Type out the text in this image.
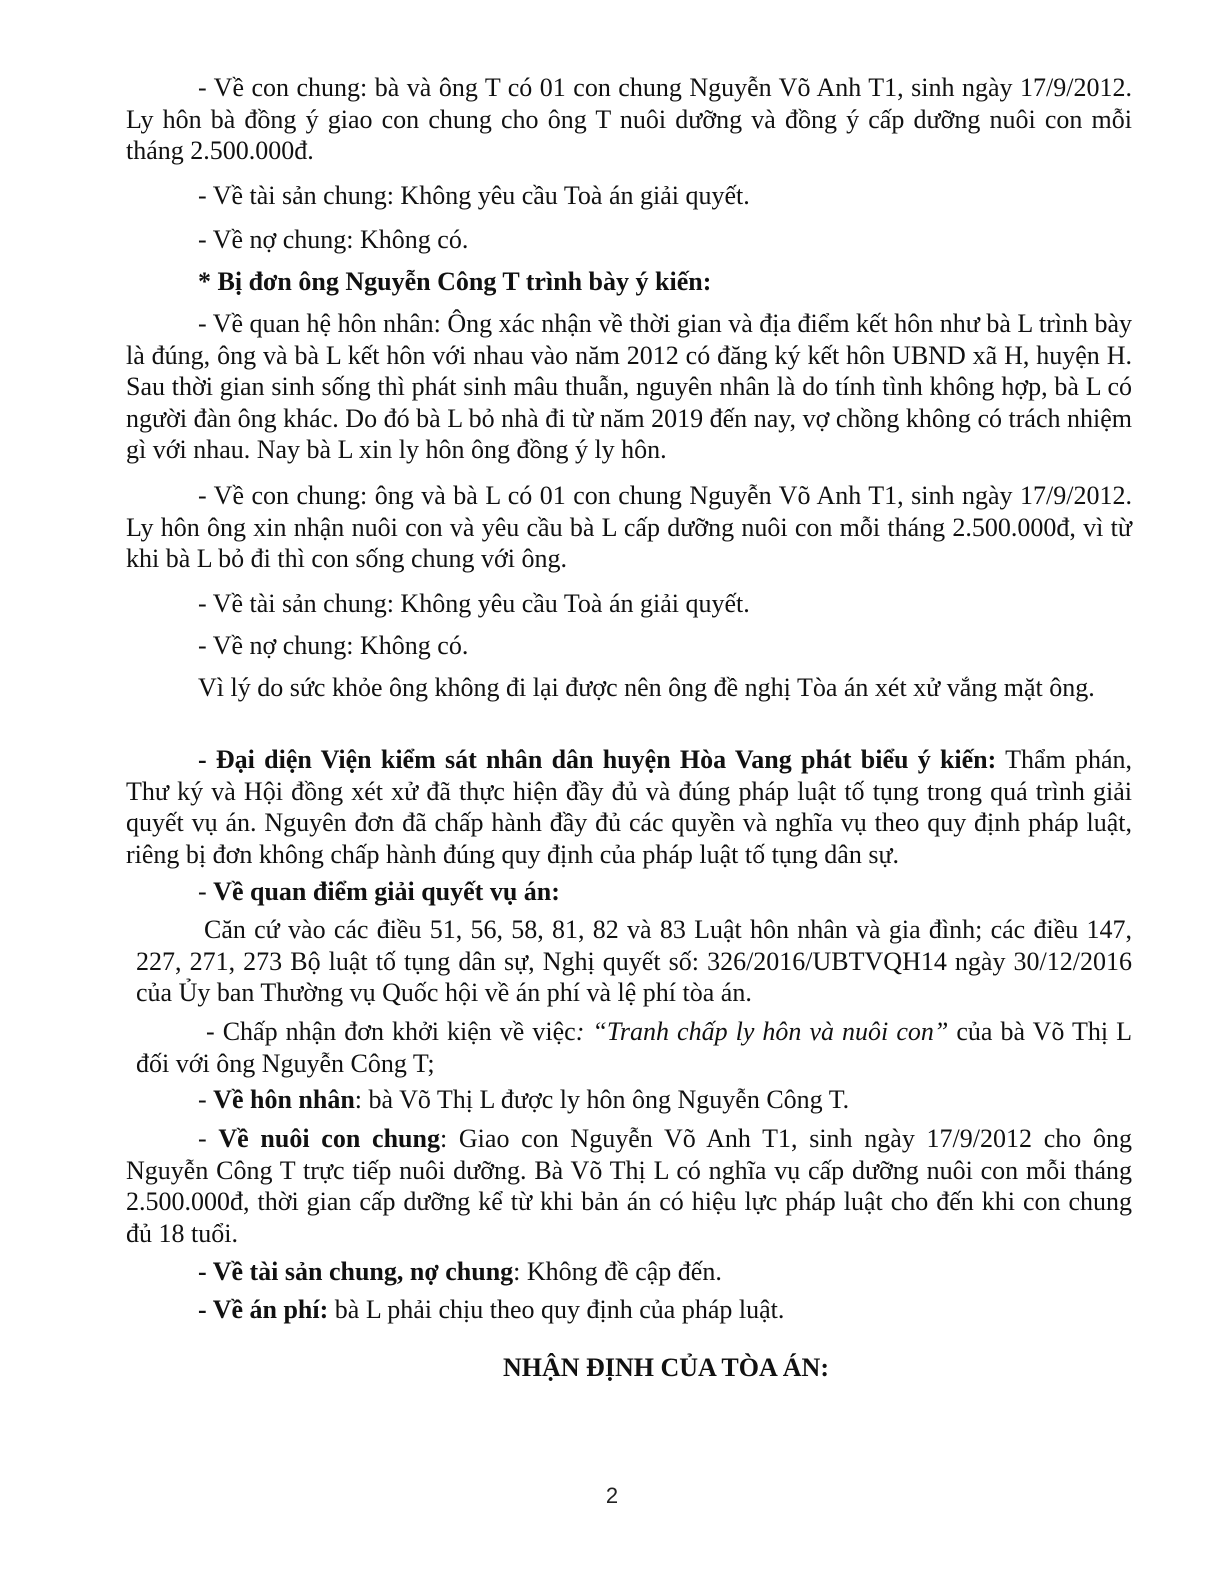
- Về con chung: bà và ông T có 01 con chung Nguyễn Võ Anh T1, sinh ngày 17/9/2012. Ly hôn bà đồng ý giao con chung cho ông T nuôi dưỡng và đồng ý cấp dưỡng nuôi con mỗi tháng 2.500.000đ.

- Về tài sản chung: Không yêu cầu Toà án giải quyết.

- Về nợ chung: Không có.

* Bị đơn ông Nguyễn Công T trình bày ý kiến:

- Về quan hệ hôn nhân: Ông xác nhận về thời gian và địa điểm kết hôn như bà L trình bày là đúng, ông và bà L kết hôn với nhau vào năm 2012 có đăng ký kết hôn UBND xã H, huyện H. Sau thời gian sinh sống thì phát sinh mâu thuẫn, nguyên nhân là do tính tình không hợp, bà L có người đàn ông khác. Do đó bà L bỏ nhà đi từ năm 2019 đến nay, vợ chồng không có trách nhiệm gì với nhau. Nay bà L xin ly hôn ông đồng ý ly hôn.

- Về con chung: ông và bà L có 01 con chung Nguyễn Võ Anh T1, sinh ngày 17/9/2012. Ly hôn ông xin nhận nuôi con và yêu cầu bà L cấp dưỡng nuôi con mỗi tháng 2.500.000đ, vì từ khi bà L bỏ đi thì con sống chung với ông.

- Về tài sản chung: Không yêu cầu Toà án giải quyết.

- Về nợ chung: Không có.

Vì lý do sức khỏe ông không đi lại được nên ông đề nghị Tòa án xét xử vắng mặt ông.

- Đại diện Viện kiểm sát nhân dân huyện Hòa Vang phát biểu ý kiến: Thẩm phán, Thư ký và Hội đồng xét xử đã thực hiện đầy đủ và đúng pháp luật tố tụng trong quá trình giải quyết vụ án. Nguyên đơn đã chấp hành đầy đủ các quyền và nghĩa vụ theo quy định pháp luật, riêng bị đơn không chấp hành đúng quy định của pháp luật tố tụng dân sự.

- Về quan điểm giải quyết vụ án:

Căn cứ vào các điều 51, 56, 58, 81, 82 và 83 Luật hôn nhân và gia đình; các điều 147, 227, 271, 273 Bộ luật tố tụng dân sự, Nghị quyết số: 326/2016/UBTVQH14 ngày 30/12/2016 của Ủy ban Thường vụ Quốc hội về án phí và lệ phí tòa án.

- Chấp nhận đơn khởi kiện về việc: “Tranh chấp ly hôn và nuôi con” của bà Võ Thị L đối với ông Nguyễn Công T;

- Về hôn nhân: bà Võ Thị L được ly hôn ông Nguyễn Công T.

- Về nuôi con chung: Giao con Nguyễn Võ Anh T1, sinh ngày 17/9/2012 cho ông Nguyễn Công T trực tiếp nuôi dưỡng. Bà Võ Thị L có nghĩa vụ cấp dưỡng nuôi con mỗi tháng 2.500.000đ, thời gian cấp dưỡng kể từ khi bản án có hiệu lực pháp luật cho đến khi con chung đủ 18 tuổi.

- Về tài sản chung, nợ chung: Không đề cập đến.

- Về án phí: bà L phải chịu theo quy định của pháp luật.

NHẬN ĐỊNH CỦA TÒA ÁN:

2
